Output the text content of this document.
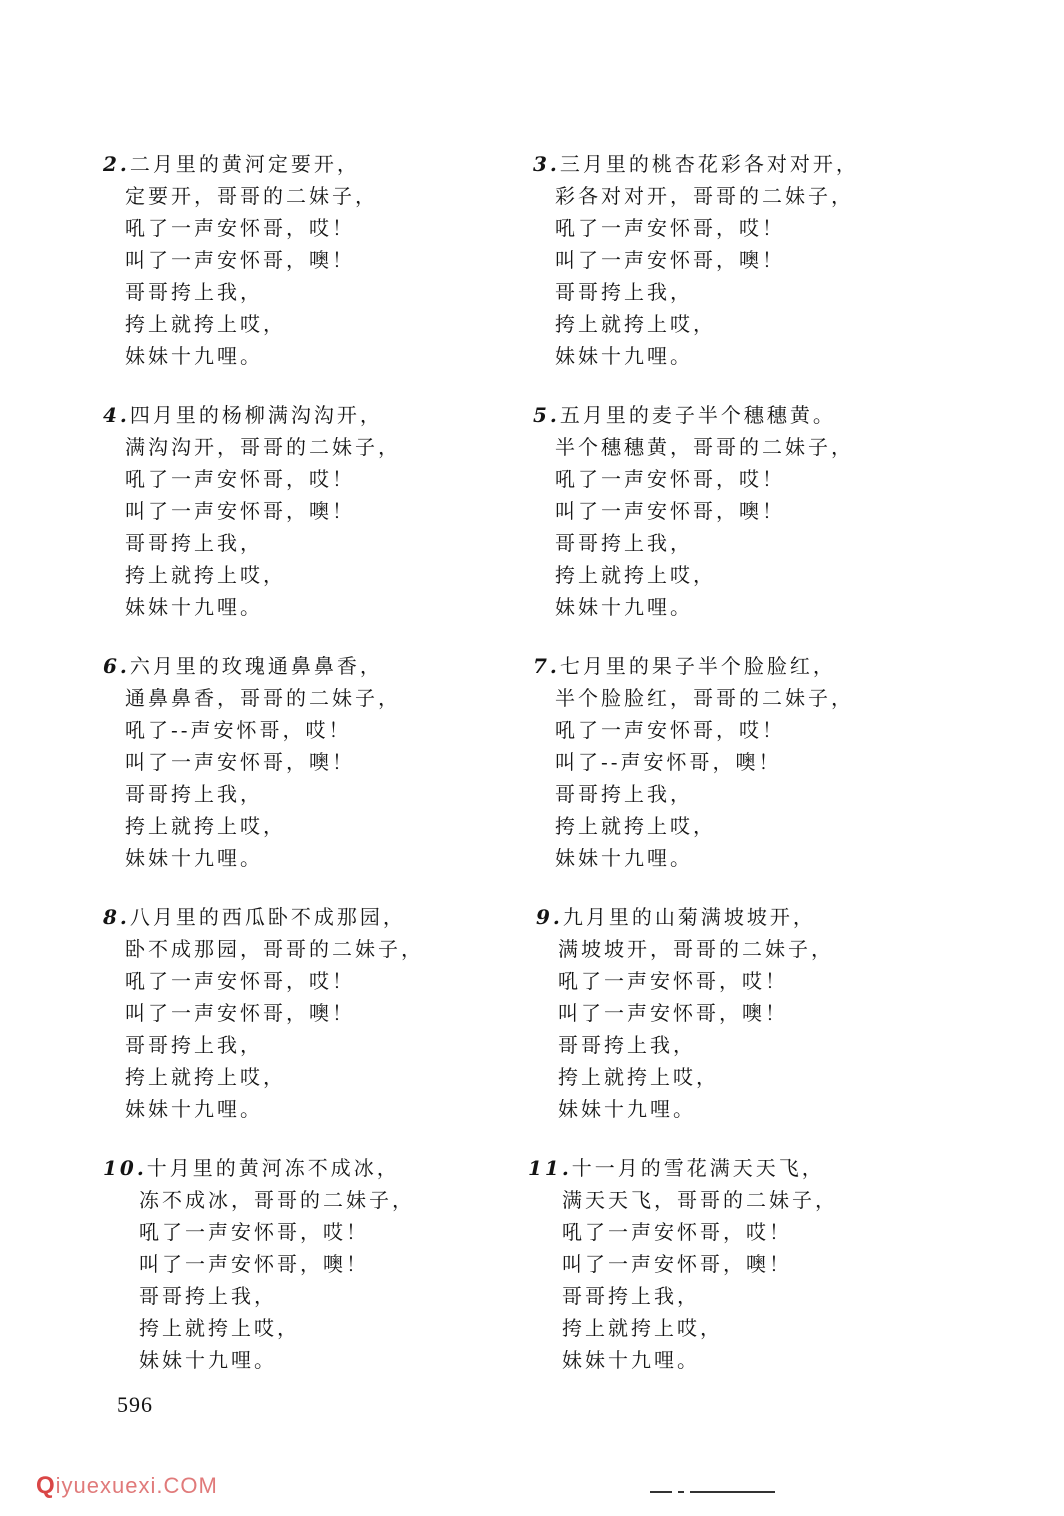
2.二月里的黄河定要开，
定要开，哥哥的二妹子，
吼了一声安怀哥，哎！
叫了一声安怀哥，噢！
哥哥挎上我，
挎上就挎上哎，
妹妹十九哩。
4.四月里的杨柳满沟沟开，
满沟沟开，哥哥的二妹子，
吼了一声安怀哥，哎！
叫了一声安怀哥，噢！
哥哥挎上我，
挎上就挎上哎，
妹妹十九哩。
6.六月里的玫瑰通鼻鼻香，
通鼻鼻香，哥哥的二妹子，
吼了--声安怀哥，哎！
叫了一声安怀哥，噢！
哥哥挎上我，
挎上就挎上哎，
妹妹十九哩。
8.八月里的西瓜卧不成那园，
卧不成那园，哥哥的二妹子，
吼了一声安怀哥，哎！
叫了一声安怀哥，噢！
哥哥挎上我，
挎上就挎上哎，
妹妹十九哩。
10.十月里的黄河冻不成冰，
冻不成冰，哥哥的二妹子，
吼了一声安怀哥，哎！
叫了一声安怀哥，噢！
哥哥挎上我，
挎上就挎上哎，
妹妹十九哩。
3.三月里的桃杏花彩各对对开，
彩各对对开，哥哥的二妹子，
吼了一声安怀哥，哎！
叫了一声安怀哥，噢！
哥哥挎上我，
挎上就挎上哎，
妹妹十九哩。
5.五月里的麦子半个穗穗黄。
半个穗穗黄，哥哥的二妹子，
吼了一声安怀哥，哎！
叫了一声安怀哥，噢！
哥哥挎上我，
挎上就挎上哎，
妹妹十九哩。
7.七月里的果子半个脸脸红，
半个脸脸红，哥哥的二妹子，
吼了一声安怀哥，哎！
叫了--声安怀哥，噢！
哥哥挎上我，
挎上就挎上哎，
妹妹十九哩。
9.九月里的山菊满坡坡开，
满坡坡开，哥哥的二妹子，
吼了一声安怀哥，哎！
叫了一声安怀哥，噢！
哥哥挎上我，
挎上就挎上哎，
妹妹十九哩。
11.十一月的雪花满天天飞，
满天天飞，哥哥的二妹子，
吼了一声安怀哥，哎！
叫了一声安怀哥，噢！
哥哥挎上我，
挎上就挎上哎，
妹妹十九哩。
596
Qiyuexuexi.COM
